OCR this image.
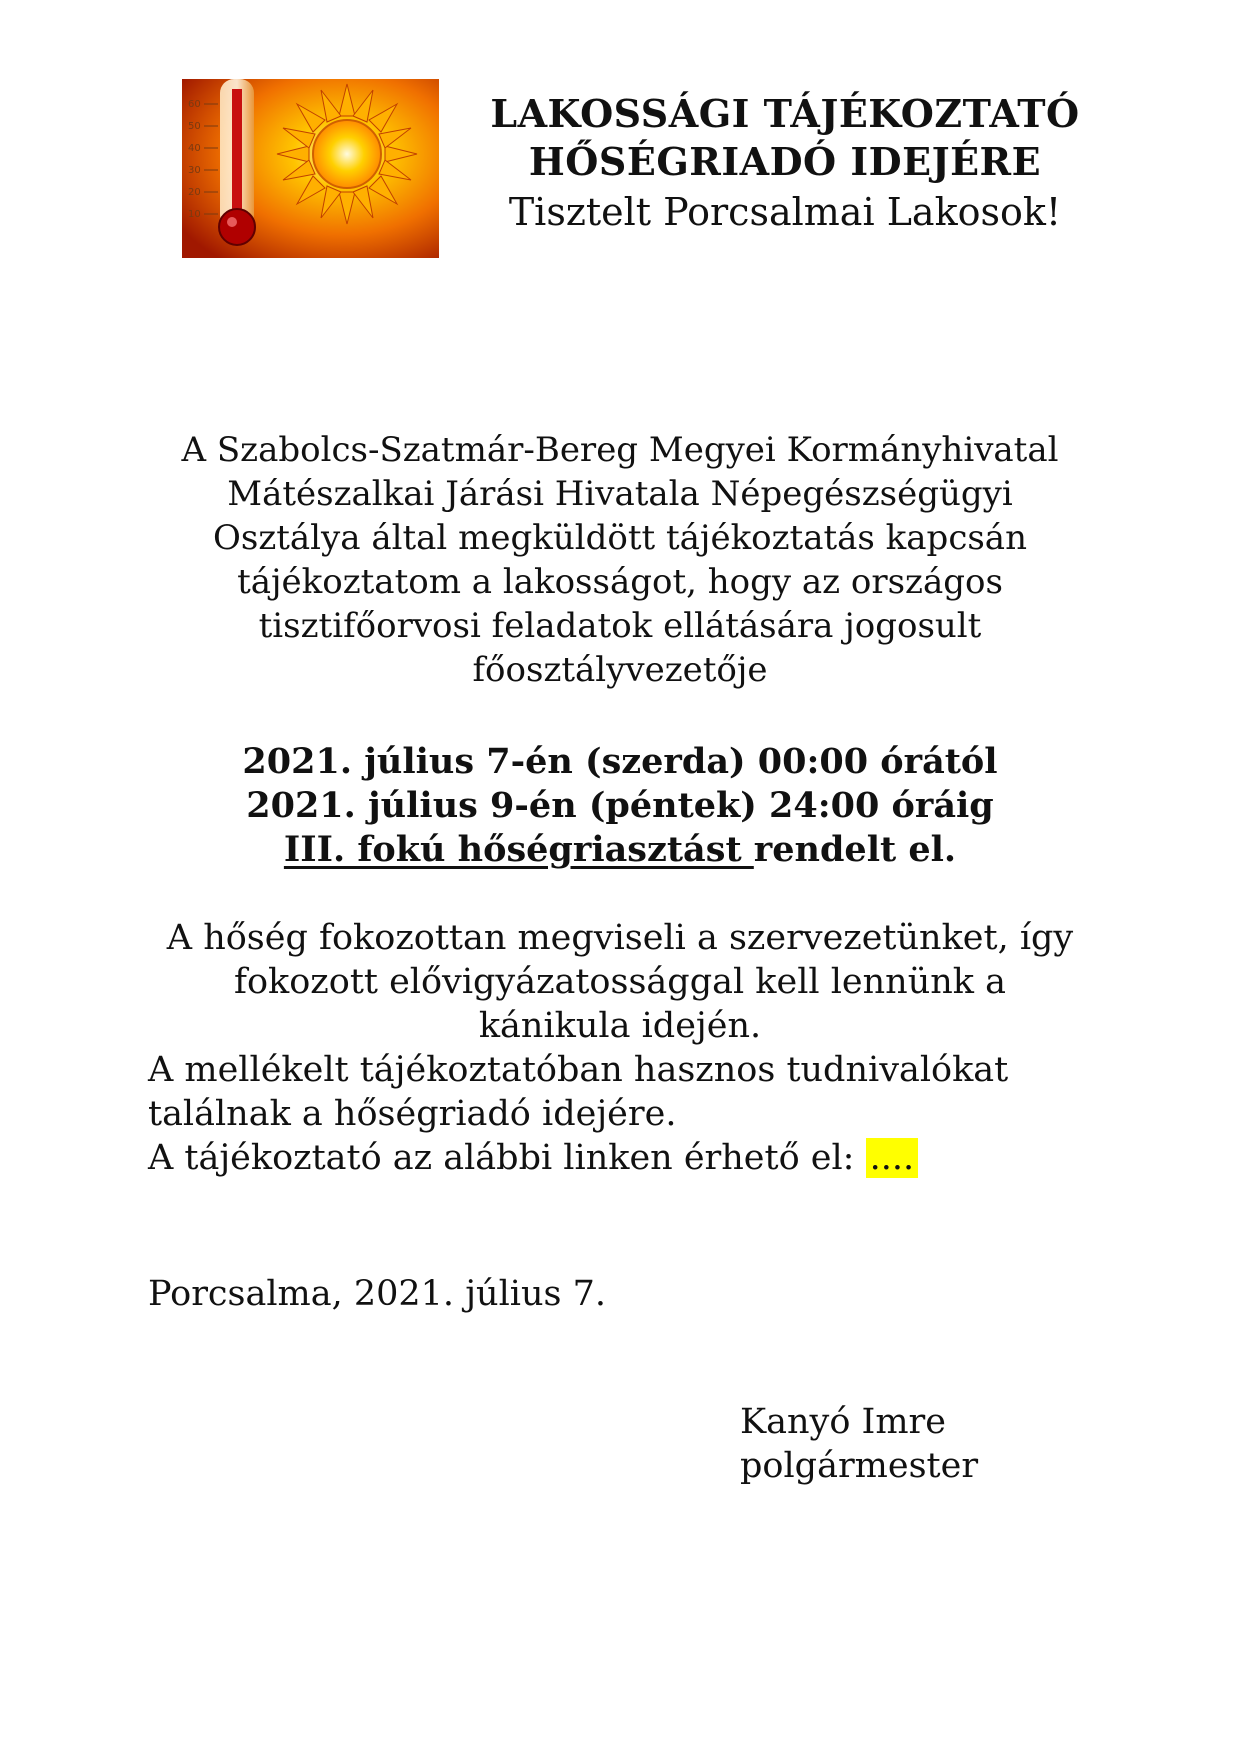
60
50
40
30
20
10
LAKOSSÁGI TÁJÉKOZTATÓ
HŐSÉGRIADÓ IDEJÉRE
Tisztelt Porcsalmai Lakosok!
A Szabolcs-Szatmár-Bereg Megyei Kormányhivatal
Mátészalkai Járási Hivatala Népegészségügyi
Osztálya által megküldött tájékoztatás kapcsán
tájékoztatom a lakosságot, hogy az országos
tisztifőorvosi feladatok ellátására jogosult
főosztályvezetője
2021. július 7-én (szerda) 00:00 órától
2021. július 9-én (péntek) 24:00 óráig
III. fokú hőségriasztást rendelt el.
A hőség fokozottan megviseli a szervezetünket, így
fokozott elővigyázatossággal kell lennünk a
kánikula idején.
A mellékelt tájékoztatóban hasznos tudnivalókat
találnak a hőségriadó idejére.
A tájékoztató az alábbi linken érhető el: ....
Porcsalma, 2021. július 7.
Kanyó Imre
polgármester
